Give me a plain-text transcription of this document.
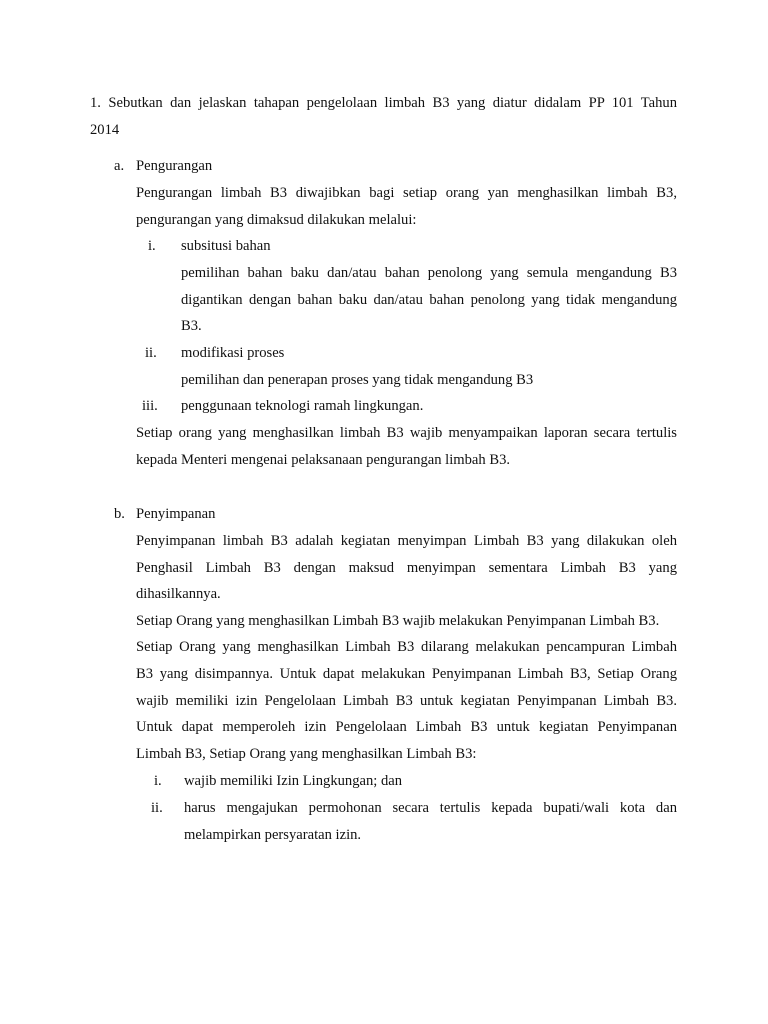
1. Sebutkan dan jelaskan tahapan pengelolaan limbah B3 yang diatur didalam PP 101 Tahun
2014
a. Pengurangan
Pengurangan limbah B3 diwajibkan bagi setiap orang yan menghasilkan limbah B3,
pengurangan yang dimaksud dilakukan melalui:
i. subsitusi bahan
pemilihan bahan baku dan/atau bahan penolong yang semula mengandung B3
digantikan dengan bahan baku dan/atau bahan penolong yang tidak mengandung
B3.
ii. modifikasi proses
pemilihan dan penerapan proses yang tidak mengandung B3
iii. penggunaan teknologi ramah lingkungan.
Setiap orang yang menghasilkan limbah B3 wajib menyampaikan laporan secara tertulis
kepada Menteri mengenai pelaksanaan pengurangan limbah B3.
b. Penyimpanan
Penyimpanan limbah B3 adalah kegiatan menyimpan Limbah B3 yang dilakukan oleh
Penghasil Limbah B3 dengan maksud menyimpan sementara Limbah B3 yang
dihasilkannya.
Setiap Orang yang menghasilkan Limbah B3 wajib melakukan Penyimpanan Limbah B3.
Setiap Orang yang menghasilkan Limbah B3 dilarang melakukan pencampuran Limbah
B3 yang disimpannya. Untuk dapat melakukan Penyimpanan Limbah B3, Setiap Orang
wajib memiliki izin Pengelolaan Limbah B3 untuk kegiatan Penyimpanan Limbah B3.
Untuk dapat memperoleh izin Pengelolaan Limbah B3 untuk kegiatan Penyimpanan
Limbah B3, Setiap Orang yang menghasilkan Limbah B3:
i. wajib memiliki Izin Lingkungan; dan
ii. harus mengajukan permohonan secara tertulis kepada bupati/wali kota dan
melampirkan persyaratan izin.
